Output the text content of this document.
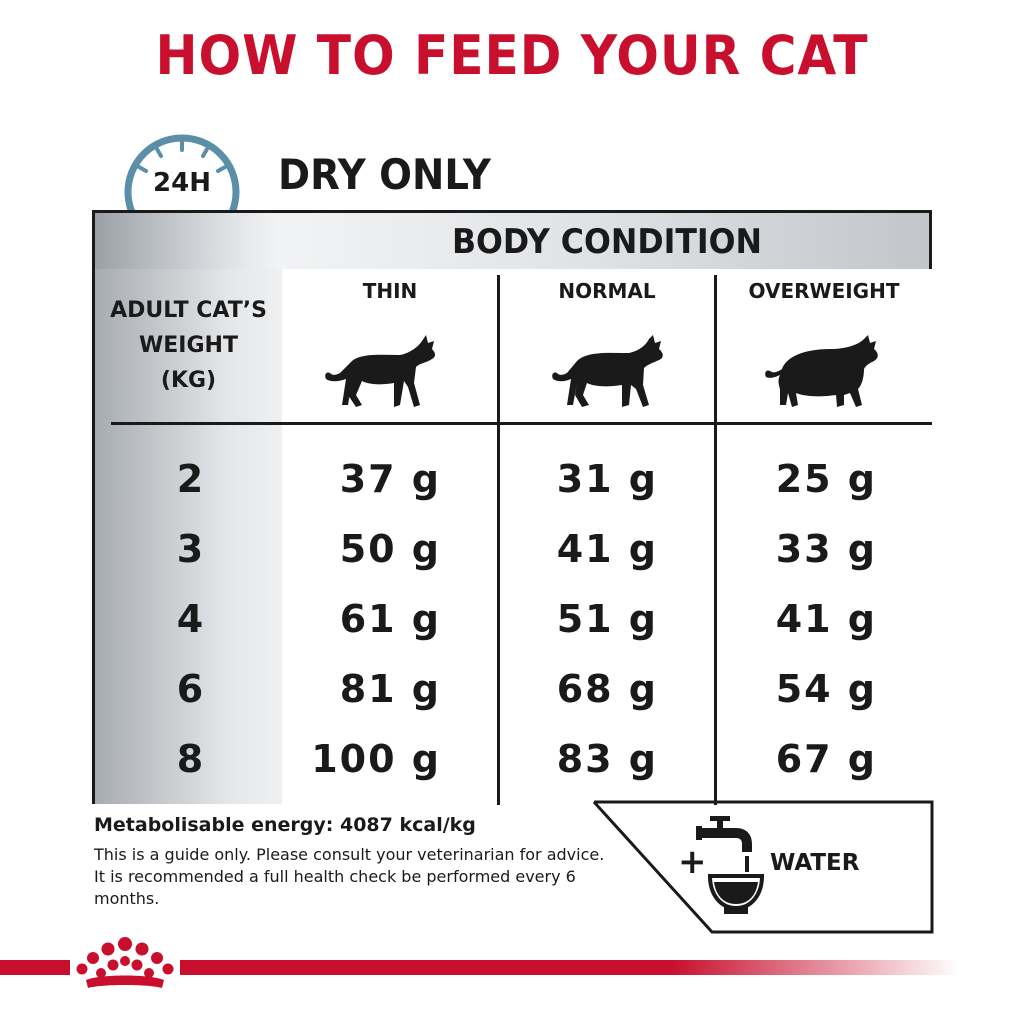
HOW TO FEED YOUR CAT
24H	DRY ONLY
BODY CONDITION
ADULT CAT’S
WEIGHT
(KG)
THIN	NORMAL	OVERWEIGHT
2	37 g	31 g	25 g
3	50 g	41 g	33 g
4	61 g	51 g	41 g
6	81 g	68 g	54 g
8	100 g	83 g	67 g
Metabolisable energy: 4087 kcal/kg
This is a guide only. Please consult your veterinarian for advice. It is recommended a full health check be performed every 6 months.
+	WATER
